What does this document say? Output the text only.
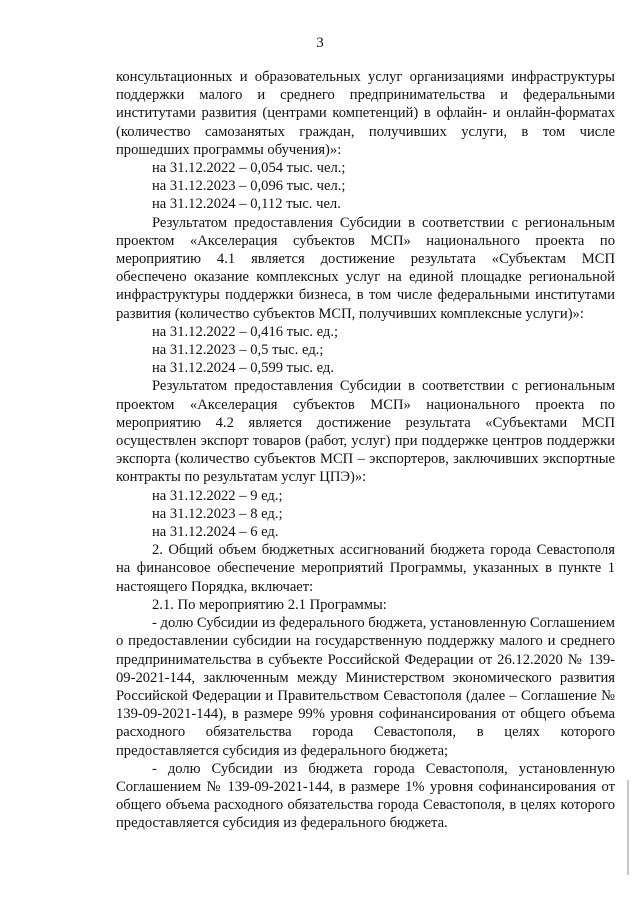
3

консультационных и образовательных услуг организациями инфраструктуры поддержки малого и среднего предпринимательства и федеральными институтами развития (центрами компетенций) в офлайн- и онлайн-форматах (количество самозанятых граждан, получивших услуги, в том числе прошедших программы обучения)»:

на 31.12.2022 – 0,054 тыс. чел.;

на 31.12.2023 – 0,096 тыс. чел.;

на 31.12.2024 – 0,112 тыс. чел.

Результатом предоставления Субсидии в соответствии с региональным проектом «Акселерация субъектов МСП» национального проекта по мероприятию 4.1 является достижение результата «Субъектам МСП обеспечено оказание комплексных услуг на единой площадке региональной инфраструктуры поддержки бизнеса, в том числе федеральными институтами развития (количество субъектов МСП, получивших комплексные услуги)»:

на 31.12.2022 – 0,416 тыс. ед.;

на 31.12.2023 – 0,5 тыс. ед.;

на 31.12.2024 – 0,599 тыс. ед.

Результатом предоставления Субсидии в соответствии с региональным проектом «Акселерация субъектов МСП» национального проекта по мероприятию 4.2 является достижение результата «Субъектами МСП осуществлен экспорт товаров (работ, услуг) при поддержке центров поддержки экспорта (количество субъектов МСП – экспортеров, заключивших экспортные контракты по результатам услуг ЦПЭ)»:

на 31.12.2022 – 9 ед.;

на 31.12.2023 – 8 ед.;

на 31.12.2024 – 6 ед.

2. Общий объем бюджетных ассигнований бюджета города Севастополя на финансовое обеспечение мероприятий Программы, указанных в пункте 1 настоящего Порядка, включает:

2.1. По мероприятию 2.1 Программы:

- долю Субсидии из федерального бюджета, установленную Соглашением о предоставлении субсидии на государственную поддержку малого и среднего предпринимательства в субъекте Российской Федерации от 26.12.2020 № 139-09-2021-144, заключенным между Министерством экономического развития Российской Федерации и Правительством Севастополя (далее – Соглашение № 139-09-2021-144), в размере 99% уровня софинансирования от общего объема расходного обязательства города Севастополя, в целях которого предоставляется субсидия из федерального бюджета;

- долю Субсидии из бюджета города Севастополя, установленную Соглашением № 139-09-2021-144, в размере 1% уровня софинансирования от общего объема расходного обязательства города Севастополя, в целях которого предоставляется субсидия из федерального бюджета.
